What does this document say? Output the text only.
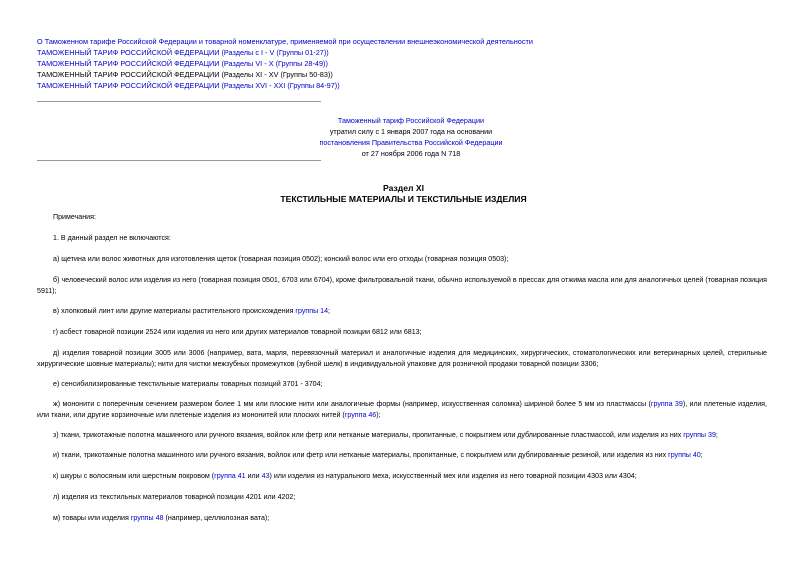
О Таможенном тарифе Российской Федерации и товарной номенклатуре, применяемой при осуществлении внешнеэкономической деятельности
ТАМОЖЕННЫЙ ТАРИФ РОССИЙСКОЙ ФЕДЕРАЦИИ (Разделы с I - V (Группы 01-27))
ТАМОЖЕННЫЙ ТАРИФ РОССИЙСКОЙ ФЕДЕРАЦИИ (Разделы VI - X (Группы 28-49))
ТАМОЖЕННЫЙ ТАРИФ РОССИЙСКОЙ ФЕДЕРАЦИИ (Разделы XI - XV (Группы 50-83))
ТАМОЖЕННЫЙ ТАРИФ РОССИЙСКОЙ ФЕДЕРАЦИИ (Разделы XVI - XXI (Группы 84-97))
Таможенный тариф Российской Федерации
утратил силу с 1 января 2007 года на основании
постановления Правительства Российской Федерации
от 27 ноября 2006 года N 718
Раздел XI
ТЕКСТИЛЬНЫЕ МАТЕРИАЛЫ И ТЕКСТИЛЬНЫЕ ИЗДЕЛИЯ
Примечания:
1. В данный раздел не включаются:
а) щетина или волос животных для изготовления щеток (товарная позиция 0502); конский волос или его отходы (товарная позиция 0503);
б) человеческий волос или изделия из него (товарная позиция 0501, 6703 или 6704), кроме фильтровальной ткани, обычно используемой в прессах для отжима масла или для аналогичных целей (товарная позиция 5911);
в) хлопковый линт или другие материалы растительного происхождения группы 14;
г) асбест товарной позиции 2524 или изделия из него или других материалов товарной позиции 6812 или 6813;
д) изделия товарной позиции 3005 или 3006 (например, вата, марля, перевязочный материал и аналогичные изделия для медицинских, хирургических, стоматологических или ветеринарных целей, стерильные хирургические шовные материалы); нити для чистки межзубных промежутков (зубной шелк) в индивидуальной упаковке для розничной продажи товарной позиции 3306;
е) сенсибилизированные текстильные материалы товарных позиций 3701 - 3704;
ж) мононити с поперечным сечением размером более 1 мм или плоские нити или аналогичные формы (например, искусственная соломка) шириной более 5 мм из пластмассы (группа 39), или плетеные изделия, или ткани, или другие корзиночные или плетеные изделия из мононитей или плоских нитей (группа 46);
з) ткани, трикотажные полотна машинного или ручного вязания, войлок или фетр или нетканые материалы, пропитанные, с покрытием или дублированные пластмассой, или изделия из них группы 39;
и) ткани, трикотажные полотна машинного или ручного вязания, войлок или фетр или нетканые материалы, пропитанные, с покрытием или дублированные резиной, или изделия из них группы 40;
к) шкуры с волосяным или шерстным покровом (группа 41 или 43) или изделия из натурального меха, искусственный мех или изделия из него товарной позиции 4303 или 4304;
л) изделия из текстильных материалов товарной позиции 4201 или 4202;
м) товары или изделия группы 48 (например, целлюлозная вата);
